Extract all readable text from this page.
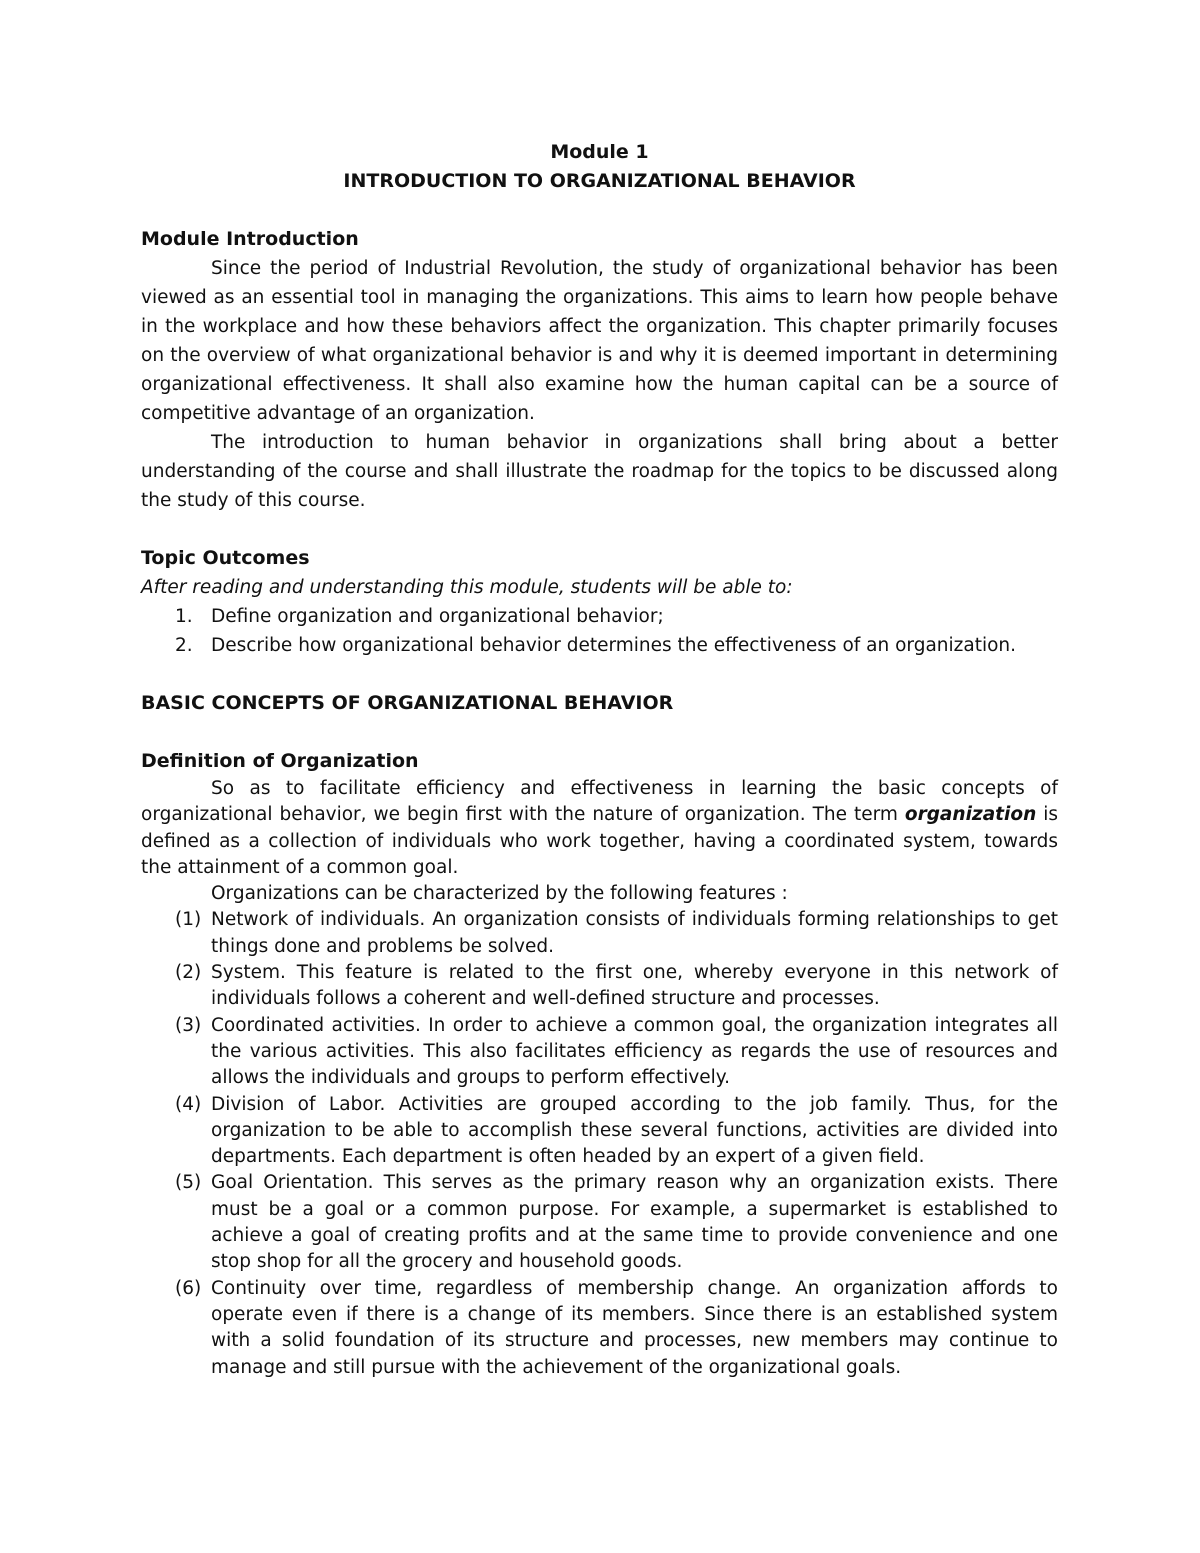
Module 1
INTRODUCTION TO ORGANIZATIONAL BEHAVIOR
Module Introduction

Since the period of Industrial Revolution, the study of organizational behavior has been viewed as an essential tool in managing the organizations. This aims to learn how people behave in the workplace and how these behaviors affect the organization. This chapter primarily focuses on the overview of what organizational behavior is and why it is deemed important in determining organizational effectiveness. It shall also examine how the human capital can be a source of competitive advantage of an organization.

The introduction to human behavior in organizations shall bring about a better understanding of the course and shall illustrate the roadmap for the topics to be discussed along the study of this course.

Topic Outcomes

After reading and understanding this module, students will be able to:

1. Define organization and organizational behavior;
2. Describe how organizational behavior determines the effectiveness of an organization.
BASIC CONCEPTS OF ORGANIZATIONAL BEHAVIOR
Definition of Organization

So as to facilitate efficiency and effectiveness in learning the basic concepts of organizational behavior, we begin first with the nature of organization. The term organization is defined as a collection of individuals who work together, having a coordinated system, towards the attainment of a common goal.

Organizations can be characterized by the following features :

(1) Network of individuals. An organization consists of individuals forming relationships to get things done and problems be solved.
(2) System. This feature is related to the first one, whereby everyone in this network of individuals follows a coherent and well-defined structure and processes.
(3) Coordinated activities. In order to achieve a common goal, the organization integrates all the various activities. This also facilitates efficiency as regards the use of resources and allows the individuals and groups to perform effectively.
(4) Division of Labor. Activities are grouped according to the job family. Thus, for the organization to be able to accomplish these several functions, activities are divided into departments. Each department is often headed by an expert of a given field.
(5) Goal Orientation. This serves as the primary reason why an organization exists. There must be a goal or a common purpose. For example, a supermarket is established to achieve a goal of creating profits and at the same time to provide convenience and one stop shop for all the grocery and household goods.
(6) Continuity over time, regardless of membership change. An organization affords to operate even if there is a change of its members. Since there is an established system with a solid foundation of its structure and processes, new members may continue to manage and still pursue with the achievement of the organizational goals.
